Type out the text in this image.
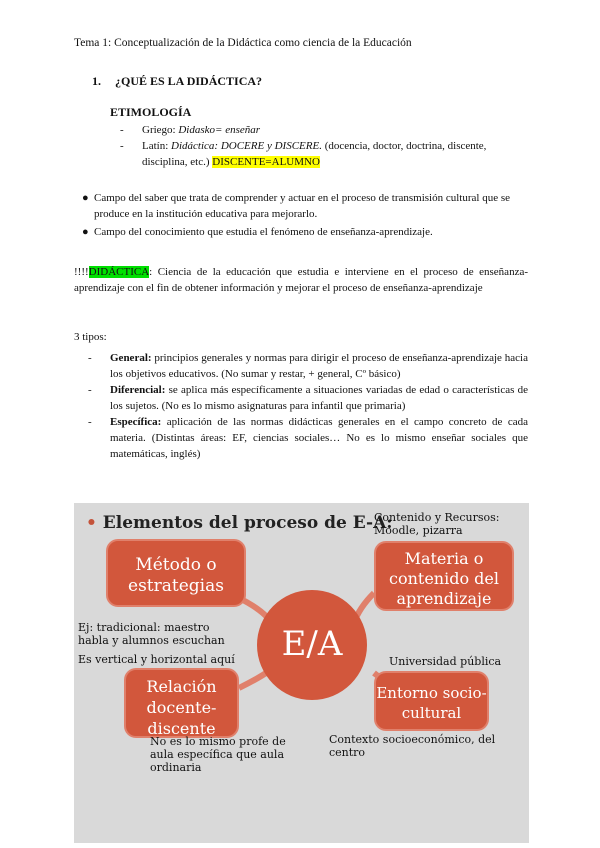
Tema 1: Conceptualización de la Didáctica como ciencia de la Educación
1. ¿QUÉ ES LA DIDÁCTICA?
ETIMOLOGÍA
-	Griego: Didasko= enseñar
-	Latín: Didáctica: DOCERE y DISCERE. (docencia, doctor, doctrina, discente, disciplina, etc.) DISCENTE=ALUMNO
● Campo del saber que trata de comprender y actuar en el proceso de transmisión cultural que se produce en la institución educativa para mejorarlo.
● Campo del conocimiento que estudia el fenómeno de enseñanza-aprendizaje.
!!!!DIDÁCTICA: Ciencia de la educación que estudia e interviene en el proceso de enseñanza-aprendizaje con el fin de obtener información y mejorar el proceso de enseñanza-aprendizaje
3 tipos:
-	General: principios generales y normas para dirigir el proceso de enseñanza-aprendizaje hacia los objetivos educativos. (No sumar y restar, + general, Cº básico)
-	Diferencial: se aplica más específicamente a situaciones variadas de edad o características de los sujetos. (No es lo mismo asignaturas para infantil que primaria)
-	Específica: aplicación de las normas didácticas generales en el campo concreto de cada materia. (Distintas áreas: EF, ciencias sociales… No es lo mismo enseñar sociales que matemáticas, inglés)
• Elementos del proceso de E-A:
Método o estrategias
Contenido y Recursos: Moodle, pizarra
Materia o contenido del aprendizaje
E/A
Ej: tradicional: maestro habla y alumnos escuchan
Es vertical y horizontal aquí
Relación docente-discente
Universidad pública
Entorno socio-cultural
No es lo mismo profe de aula específica que aula ordinaria
Contexto socioeconómico, del centro
